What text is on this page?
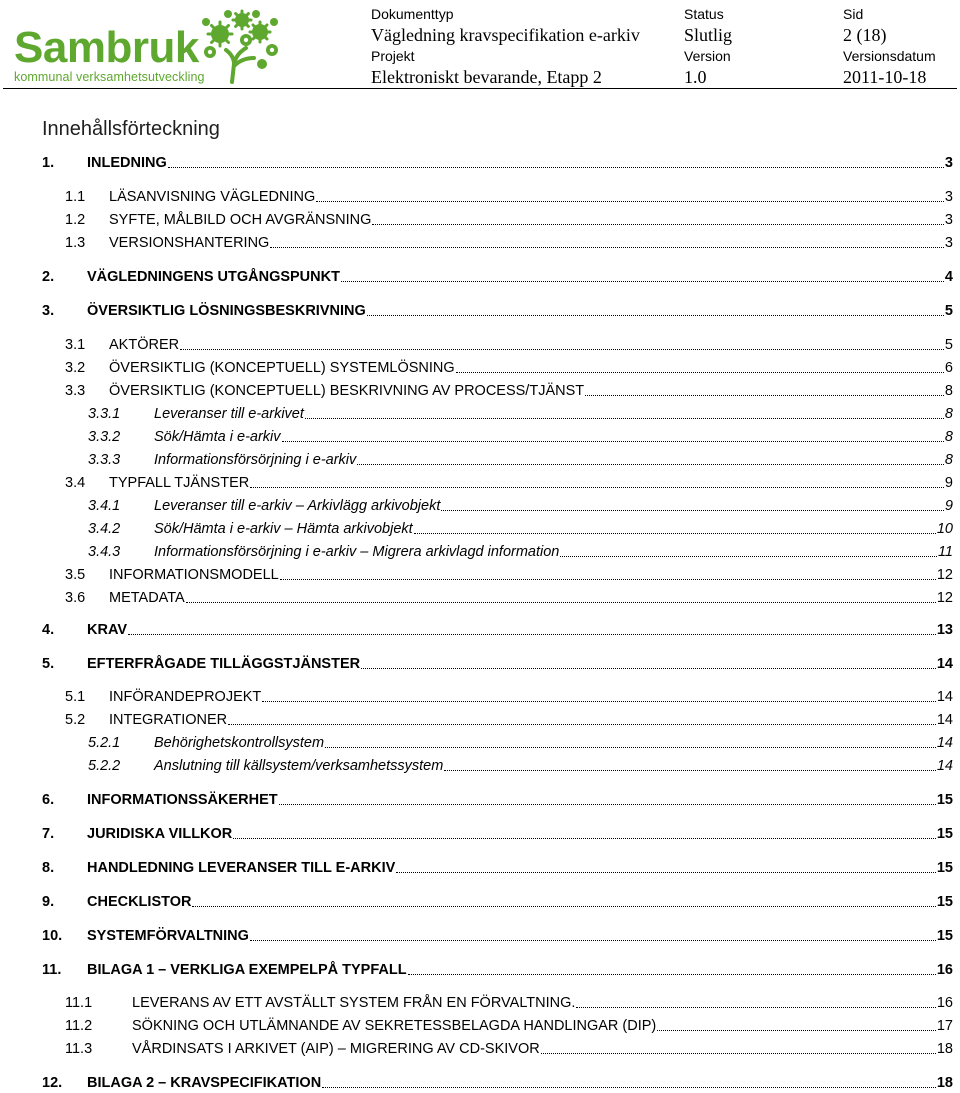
Sambruk
kommunal verksamhetsutveckling
Dokumenttyp
Vägledning kravspecifikation e-arkiv
Status
Slutlig
Sid
2 (18)
Projekt
Elektroniskt bevarande, Etapp 2
Version
1.0
Versionsdatum
2011-10-18
Innehållsförteckning
1.	INLEDNING	3
1.1	LÄSANVISNING VÄGLEDNING	3
1.2	SYFTE, MÅLBILD OCH AVGRÄNSNING	3
1.3	VERSIONSHANTERING	3
2.	VÄGLEDNINGENS UTGÅNGSPUNKT	4
3.	ÖVERSIKTLIG LÖSNINGSBESKRIVNING	5
3.1	AKTÖRER	5
3.2	ÖVERSIKTLIG (KONCEPTUELL) SYSTEMLÖSNING	6
3.3	ÖVERSIKTLIG (KONCEPTUELL) BESKRIVNING AV PROCESS/TJÄNST	8
3.3.1	Leveranser till e-arkivet	8
3.3.2	Sök/Hämta i e-arkiv	8
3.3.3	Informationsförsörjning i e-arkiv	8
3.4	TYPFALL TJÄNSTER	9
3.4.1	Leveranser till e-arkiv – Arkivlägg arkivobjekt	9
3.4.2	Sök/Hämta i e-arkiv – Hämta arkivobjekt	10
3.4.3	Informationsförsörjning i e-arkiv – Migrera arkivlagd information	11
3.5	INFORMATIONSMODELL	12
3.6	METADATA	12
4.	KRAV	13
5.	EFTERFRÅGADE TILLÄGGSTJÄNSTER	14
5.1	INFÖRANDEPROJEKT	14
5.2	INTEGRATIONER	14
5.2.1	Behörighetskontrollsystem	14
5.2.2	Anslutning till källsystem/verksamhetssystem	14
6.	INFORMATIONSSÄKERHET	15
7.	JURIDISKA VILLKOR	15
8.	HANDLEDNING LEVERANSER TILL E-ARKIV	15
9.	CHECKLISTOR	15
10.	SYSTEMFÖRVALTNING	15
11.	BILAGA 1 – VERKLIGA EXEMPELPÅ TYPFALL	16
11.1	LEVERANS AV ETT AVSTÄLLT SYSTEM FRÅN EN FÖRVALTNING.	16
11.2	SÖKNING OCH UTLÄMNANDE AV SEKRETESSBELAGDA HANDLINGAR (DIP)	17
11.3	VÅRDINSATS I ARKIVET (AIP) – MIGRERING AV CD-SKIVOR	18
12.	BILAGA 2 – KRAVSPECIFIKATION	18
